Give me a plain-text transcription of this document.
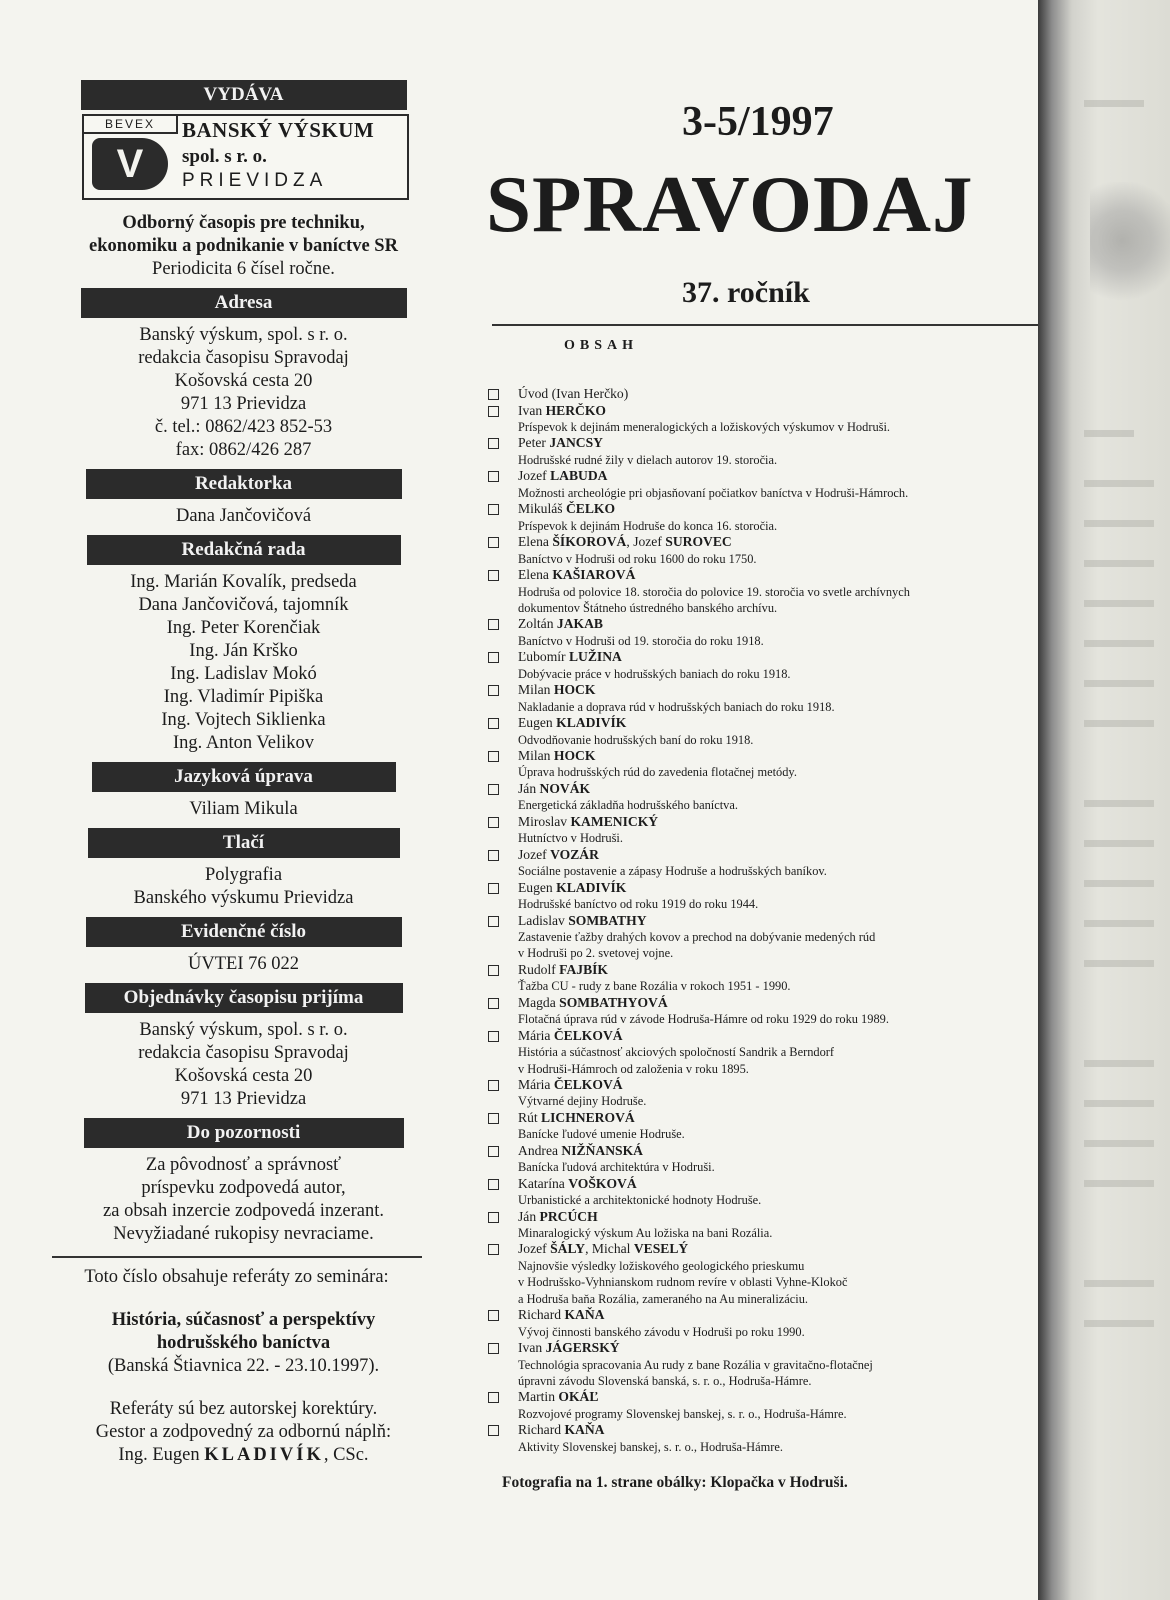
VYDÁVA
BEVEX
V
BANSKÝ VÝSKUM
spol. s r. o.
PRIEVIDZA
Odborný časopis pre techniku,
ekonomiku a podnikanie v baníctve SR
Periodicita 6 čísel ročne.
Adresa
Banský výskum, spol. s r. o.
redakcia časopisu Spravodaj
Košovská cesta 20
971 13 Prievidza
č. tel.: 0862/423 852-53
fax: 0862/426 287
Redaktorka
Dana Jančovičová
Redakčná rada
Ing. Marián Kovalík, predseda
Dana Jančovičová, tajomník
Ing. Peter Korenčiak
Ing. Ján Krško
Ing. Ladislav Mokó
Ing. Vladimír Pipiška
Ing. Vojtech Siklienka
Ing. Anton Velikov
Jazyková úprava
Viliam Mikula
Tlačí
Polygrafia
Banského výskumu Prievidza
Evidenčné číslo
ÚVTEI 76 022
Objednávky časopisu prijíma
Banský výskum, spol. s r. o.
redakcia časopisu Spravodaj
Košovská cesta 20
971 13 Prievidza
Do pozornosti
Za pôvodnosť a správnosť
príspevku zodpovedá autor,
za obsah inzercie zodpovedá inzerant.
Nevyžiadané rukopisy nevraciame.
Toto číslo obsahuje referáty zo seminára:
História, súčasnosť a perspektívy
hodrušského baníctva
(Banská Štiavnica 22. - 23.10.1997).
Referáty sú bez autorskej korektúry.
Gestor a zodpovedný za odbornú náplň:
Ing. Eugen KLADIVÍK, CSc.
3-5/1997
SPRAVODAJ
37. ročník
OBSAH
Úvod (Ivan Herčko)
Ivan HERČKO
Príspevok k dejinám meneralogických a ložiskových výskumov v Hodruši.
Peter JANCSY
Hodrušské rudné žily v dielach autorov 19. storočia.
Jozef LABUDA
Možnosti archeológie pri objasňovaní počiatkov baníctva v Hodruši-Hámroch.
Mikuláš ČELKO
Príspevok k dejinám Hodruše do konca 16. storočia.
Elena ŠÍKOROVÁ, Jozef SUROVEC
Baníctvo v Hodruši od roku 1600 do roku 1750.
Elena KAŠIAROVÁ
Hodruša od polovice 18. storočia do polovice 19. storočia vo svetle archívnych
dokumentov Štátneho ústredného banského archívu.
Zoltán JAKAB
Baníctvo v Hodruši od 19. storočia do roku 1918.
Ľubomír LUŽINA
Dobývacie práce v hodrušských baniach do roku 1918.
Milan HOCK
Nakladanie a doprava rúd v hodrušských baniach do roku 1918.
Eugen KLADIVÍK
Odvodňovanie hodrušských baní do roku 1918.
Milan HOCK
Úprava hodrušských rúd do zavedenia flotačnej metódy.
Ján NOVÁK
Energetická základňa hodrušského baníctva.
Miroslav KAMENICKÝ
Hutníctvo v Hodruši.
Jozef VOZÁR
Sociálne postavenie a zápasy Hodruše a hodrušských baníkov.
Eugen KLADIVÍK
Hodrušské baníctvo od roku 1919 do roku 1944.
Ladislav SOMBATHY
Zastavenie ťažby drahých kovov a prechod na dobývanie medených rúd
v Hodruši po 2. svetovej vojne.
Rudolf FAJBÍK
Ťažba CU - rudy z bane Rozália v rokoch 1951 - 1990.
Magda SOMBATHYOVÁ
Flotačná úprava rúd v závode Hodruša-Hámre od roku 1929 do roku 1989.
Mária ČELKOVÁ
História a súčastnosť akciových spoločností Sandrik a Berndorf
v Hodruši-Hámroch od založenia v roku 1895.
Mária ČELKOVÁ
Výtvarné dejiny Hodruše.
Rút LICHNEROVÁ
Banícke ľudové umenie Hodruše.
Andrea NIŽŇANSKÁ
Banícka ľudová architektúra v Hodruši.
Katarína VOŠKOVÁ
Urbanistické a architektonické hodnoty Hodruše.
Ján PRCÚCH
Minaralogický výskum Au ložiska na bani Rozália.
Jozef ŠÁLY, Michal VESELÝ
Najnovšie výsledky ložiskového geologického prieskumu
v Hodrušsko-Vyhnianskom rudnom revíre v oblasti Vyhne-Klokoč
a Hodruša baňa Rozália, zameraného na Au mineralizáciu.
Richard KAŇA
Vývoj činnosti banského závodu v Hodruši po roku 1990.
Ivan JÁGERSKÝ
Technológia spracovania Au rudy z bane Rozália v gravitačno-flotačnej
úpravni závodu Slovenská banská, s. r. o., Hodruša-Hámre.
Martin OKÁĽ
Rozvojové programy Slovenskej banskej, s. r. o., Hodruša-Hámre.
Richard KAŇA
Aktivity Slovenskej banskej, s. r. o., Hodruša-Hámre.
Fotografia na 1. strane obálky: Klopačka v Hodruši.
